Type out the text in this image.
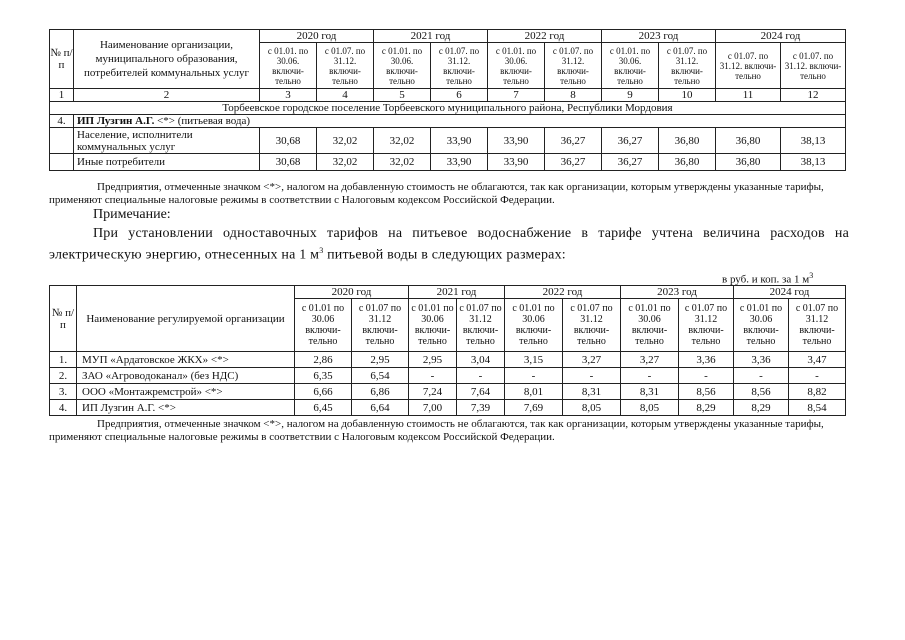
№ п/п	Наименование организации, муниципального образования, потребителей коммунальных услуг	2020 год		2021 год		2022 год		2023 год		2024 год	
		с 01.01. по 30.06. включи-тельно	с 01.07. по 31.12. включи-тельно	с 01.01. по 30.06. включи-тельно	с 01.07. по 31.12. включи-тельно	с 01.01. по 30.06. включи-тельно	с 01.07. по 31.12. включи-тельно	с 01.01. по 30.06. включи-тельно	с 01.07. по 31.12. включи-тельно	с 01.07. по 31.12. включи-тельно	с 01.07. по 31.12. включи-тельно
1	2	3	4	5	6	7	8	9	10	11	12
Торбеевское городское поселение Торбеевского муниципального района, Республики Мордовия											
4.	ИП Лузгин А.Г. <*> (питьевая вода)										
	Население, исполнители коммунальных услуг	30,68	32,02	32,02	33,90	33,90	36,27	36,27	36,80	36,80	38,13
	Иные потребители	30,68	32,02	32,02	33,90	33,90	36,27	36,27	36,80	36,80	38,13
Предприятия, отмеченные значком <*>, налогом на добавленную стоимость не облагаются, так как организации, которым утверждены указанные тарифы, применяют специальные налоговые режимы в соответствии с Налоговым кодексом Российской Федерации.
Примечание:
При установлении одноставочных тарифов на питьевое водоснабжение в тарифе учтена величина расходов на электрическую энергию, отнесенных на 1 $м^3$ питьевой воды в следующих размерах:
в руб. и коп. за 1 $м^3$
№ п/п	Наименование регулируемой организации	2020 год		2021 год		2022 год		2023 год		2024 год	
		с 01.01 по 30.06 включи-тельно	с 01.07 по 31.12 включи-тельно	с 01.01 по 30.06 включи-тельно	с 01.07 по 31.12 включи-тельно	с 01.01 по 30.06 включи-тельно	с 01.07 по 31.12 включи-тельно	с 01.01 по 30.06 включи-тельно	с 01.07 по 31.12 включи-тельно	с 01.01 по 30.06 включи-тельно	с 01.07 по 31.12 включи-тельно
1.	МУП «Ардатовское ЖКХ» <*>	2,86	2,95	2,95	3,04	3,15	3,27	3,27	3,36	3,36	3,47
2.	ЗАО «Агроводоканал» (без НДС)	6,35	6,54	-	-	-	-	-	-	-	-
3.	ООО «Монтажремстрой» <*>	6,66	6,86	7,24	7,64	8,01	8,31	8,31	8,56	8,56	8,82
4.	ИП Лузгин А.Г. <*>	6,45	6,64	7,00	7,39	7,69	8,05	8,05	8,29	8,29	8,54
Предприятия, отмеченные значком <*>, налогом на добавленную стоимость не облагаются, так как организации, которым утверждены указанные тарифы, применяют специальные налоговые режимы в соответствии с Налоговым кодексом Российской Федерации.
